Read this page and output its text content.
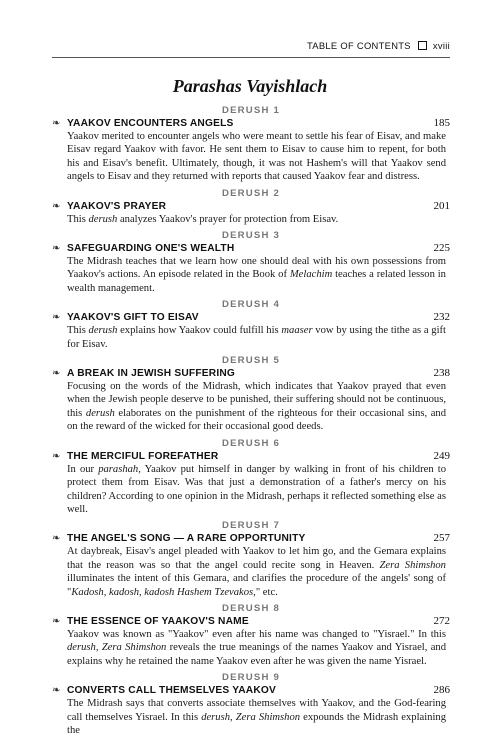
TABLE OF CONTENTS xviii
Parashas Vayishlach
DERUSH 1
❧ YAAKOV ENCOUNTERS ANGELS	185
Yaakov merited to encounter angels who were meant to settle his fear of Eisav, and make Eisav regard Yaakov with favor. He sent them to Eisav to cause him to repent, for both his and Eisav's benefit. Ultimately, though, it was not Hashem's will that Yaakov send angels to Eisav and they returned with reports that caused Yaakov fear and distress.
DERUSH 2
❧ YAAKOV'S PRAYER	201
This derush analyzes Yaakov's prayer for protection from Eisav.
DERUSH 3
❧ SAFEGUARDING ONE'S WEALTH	225
The Midrash teaches that we learn how one should deal with his own possessions from Yaakov's actions. An episode related in the Book of Melachim teaches a related lesson in wealth management.
DERUSH 4
❧ YAAKOV'S GIFT TO EISAV	232
This derush explains how Yaakov could fulfill his maaser vow by using the tithe as a gift for Eisav.
DERUSH 5
❧ A BREAK IN JEWISH SUFFERING	238
Focusing on the words of the Midrash, which indicates that Yaakov prayed that even when the Jewish people deserve to be punished, their suffering should not be continuous, this derush elaborates on the punishment of the righteous for their occasional sins, and on the reward of the wicked for their occasional good deeds.
DERUSH 6
❧ THE MERCIFUL FOREFATHER	249
In our parashah, Yaakov put himself in danger by walking in front of his children to protect them from Eisav. Was that just a demonstration of a father's mercy on his children? According to one opinion in the Midrash, perhaps it reflected something else as well.
DERUSH 7
❧ THE ANGEL'S SONG — A RARE OPPORTUNITY	257
At daybreak, Eisav's angel pleaded with Yaakov to let him go, and the Gemara explains that the reason was so that the angel could recite song in Heaven. Zera Shimshon illuminates the intent of this Gemara, and clarifies the procedure of the angels' song of "Kadosh, kadosh, kadosh Hashem Tzevakos," etc.
DERUSH 8
❧ THE ESSENCE OF YAAKOV'S NAME	272
Yaakov was known as "Yaakov" even after his name was changed to "Yisrael." In this derush, Zera Shimshon reveals the true meanings of the names Yaakov and Yisrael, and explains why he retained the name Yaakov even after he was given the name Yisrael.
DERUSH 9
❧ CONVERTS CALL THEMSELVES YAAKOV	286
The Midrash says that converts associate themselves with Yaakov, and the God-fearing call themselves Yisrael. In this derush, Zera Shimshon expounds the Midrash explaining the
